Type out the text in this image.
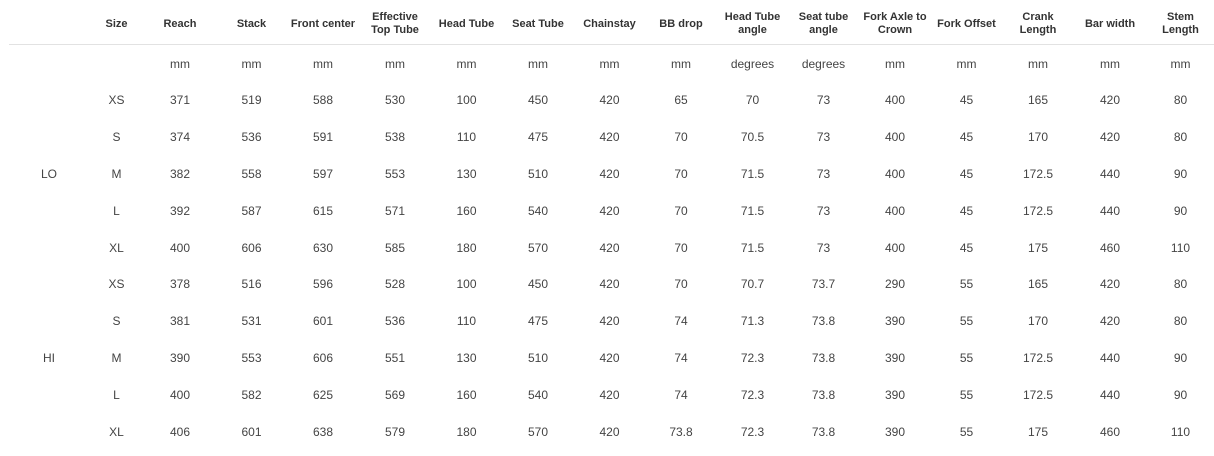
	Size	Reach	Stack	Front center	Effective
Top Tube	Head Tube	Seat Tube	Chainstay	BB drop	Head Tube
angle	Seat tube
angle	Fork Axle to
Crown	Fork Offset	Crank
Length	Bar width	Stem
Length
		mm	mm	mm	mm	mm	mm	mm	mm	degrees	degrees	mm	mm	mm	mm	mm
LO	XS	371	519	588	530	100	450	420	65	70	73	400	45	165	420	80
	S	374	536	591	538	110	475	420	70	70.5	73	400	45	170	420	80
	M	382	558	597	553	130	510	420	70	71.5	73	400	45	172.5	440	90
	L	392	587	615	571	160	540	420	70	71.5	73	400	45	172.5	440	90
	XL	400	606	630	585	180	570	420	70	71.5	73	400	45	175	460	110
HI	XS	378	516	596	528	100	450	420	70	70.7	73.7	290	55	165	420	80
	S	381	531	601	536	110	475	420	74	71.3	73.8	390	55	170	420	80
	M	390	553	606	551	130	510	420	74	72.3	73.8	390	55	172.5	440	90
	L	400	582	625	569	160	540	420	74	72.3	73.8	390	55	172.5	440	90
	XL	406	601	638	579	180	570	420	73.8	72.3	73.8	390	55	175	460	110
